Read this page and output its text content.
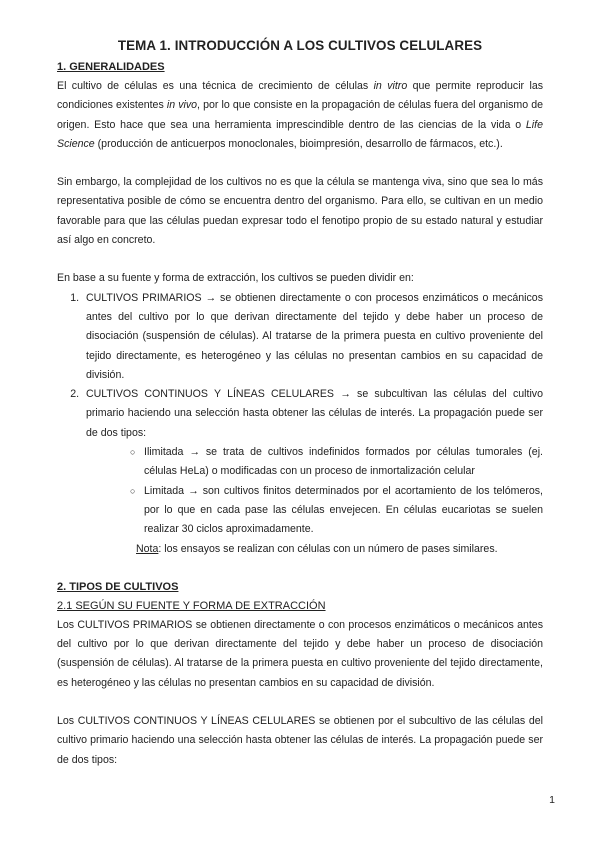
TEMA 1. INTRODUCCIÓN A LOS CULTIVOS CELULARES
1. GENERALIDADES

El cultivo de células es una técnica de crecimiento de células in vitro que permite reproducir las condiciones existentes in vivo, por lo que consiste en la propagación de células fuera del organismo de origen. Esto hace que sea una herramienta imprescindible dentro de las ciencias de la vida o Life Science (producción de anticuerpos monoclonales, bioimpresión, desarrollo de fármacos, etc.).

Sin embargo, la complejidad de los cultivos no es que la célula se mantenga viva, sino que sea lo más representativa posible de cómo se encuentra dentro del organismo. Para ello, se cultivan en un medio favorable para que las células puedan expresar todo el fenotipo propio de su estado natural y estudiar así algo en concreto.

En base a su fuente y forma de extracción, los cultivos se pueden dividir en:

1. CULTIVOS PRIMARIOS → se obtienen directamente o con procesos enzimáticos o mecánicos antes del cultivo por lo que derivan directamente del tejido y debe haber un proceso de disociación (suspensión de células). Al tratarse de la primera puesta en cultivo proveniente del tejido directamente, es heterogéneo y las células no presentan cambios en su capacidad de división.
2. CULTIVOS CONTINUOS Y LÍNEAS CELULARES → se subcultivan las células del cultivo primario haciendo una selección hasta obtener las células de interés. La propagación puede ser de dos tipos:
○ Ilimitada → se trata de cultivos indefinidos formados por células tumorales (ej. células HeLa) o modificadas con un proceso de inmortalización celular
○ Limitada → son cultivos finitos determinados por el acortamiento de los telómeros, por lo que en cada pase las células envejecen. En células eucariotas se suelen realizar 30 ciclos aproximadamente.
Nota: los ensayos se realizan con células con un número de pases similares.
2. TIPOS DE CULTIVOS
2.1 SEGÚN SU FUENTE Y FORMA DE EXTRACCIÓN

Los CULTIVOS PRIMARIOS se obtienen directamente o con procesos enzimáticos o mecánicos antes del cultivo por lo que derivan directamente del tejido y debe haber un proceso de disociación (suspensión de células). Al tratarse de la primera puesta en cultivo proveniente del tejido directamente, es heterogéneo y las células no presentan cambios en su capacidad de división.

Los CULTIVOS CONTINUOS Y LÍNEAS CELULARES se obtienen por el subcultivo de las células del cultivo primario haciendo una selección hasta obtener las células de interés. La propagación puede ser de dos tipos:

1
